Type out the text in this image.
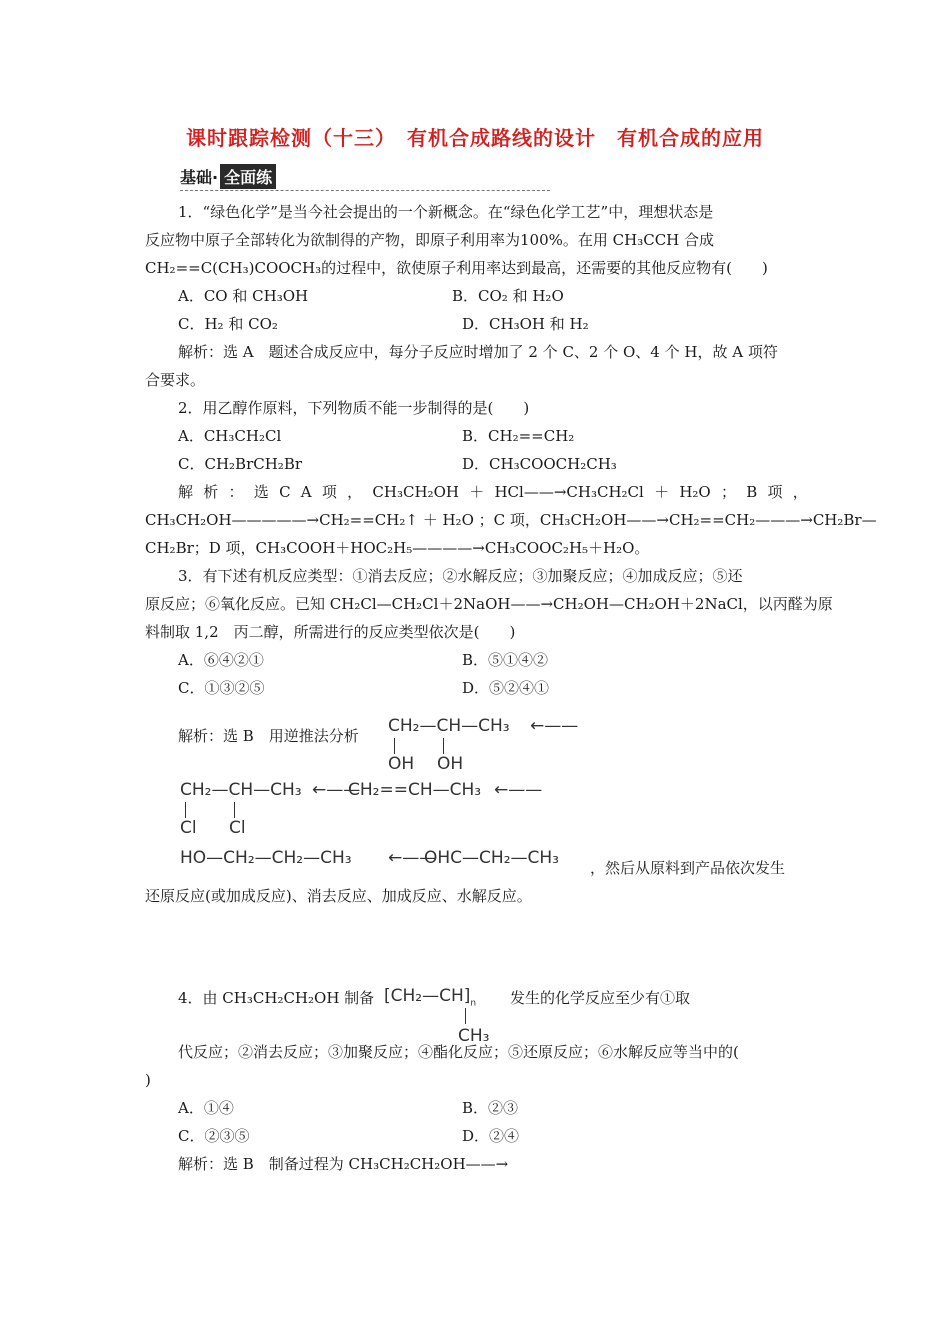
课时跟踪检测（十三）　有机合成路线的设计　有机合成的应用
基础· 全面练
1．“绿色化学”是当今社会提出的一个新概念。在“绿色化学工艺”中，理想状态是
反应物中原子全部转化为欲制得的产物，即原子利用率为100%。在用 CH₃CCH 合成
CH₂==C(CH₃)COOCH₃的过程中，欲使原子利用率达到最高，还需要的其他反应物有(　　)
A．CO 和 CH₃OH	B．CO₂ 和 H₂O
C．H₂ 和 CO₂	D．CH₃OH 和 H₂
解析：选 A　题述合成反应中，每分子反应时增加了 2 个 C、2 个 O、4 个 H，故 A 项符
合要求。
2．用乙醇作原料，下列物质不能一步制得的是(　　)
A．CH₃CH₂Cl	B．CH₂==CH₂
C．CH₂BrCH₂Br	D．CH₃COOCH₂CH₃
解 析 ： 选 C A 项 ， CH₃CH₂OH ＋ HCl——→CH₃CH₂Cl ＋ H₂O ； B 项 ，
CH₃CH₂OH—————→CH₂==CH₂↑ ＋ H₂O ；C 项，CH₃CH₂OH——→CH₂==CH₂———→CH₂Br—
CH₂Br；D 项，CH₃COOH＋HOC₂H₅————→CH₃COOC₂H₅＋H₂O。
3．有下述有机反应类型：①消去反应；②水解反应；③加聚反应；④加成反应；⑤还
原反应；⑥氧化反应。已知 CH₂Cl—CH₂Cl＋2NaOH——→CH₂OH—CH₂OH＋2NaCl，以丙醛为原
料制取 1,2　丙二醇，所需进行的反应类型依次是(　　)
A．⑥④②①	B．⑤①④②
C．①③②⑤	D．⑤②④①
解析：选 B　用逆推法分析 CH₂—CH—CH₃ ←——
OH OH
CH₂—CH—CH₃
Cl Cl
←——
CH₂==CH—CH₃ ←——
HO—CH₂—CH₂—CH₃ ←——
OHC—CH₂—CH₃ ，然后从原料到产品依次发生
还原反应(或加成反应)、消去反应、加成反应、水解反应。
4．由 CH₃CH₂CH₂OH 制备 $[CH_2—CH]_n$
CH₃
发生的化学反应至少有①取
代反应；②消去反应；③加聚反应；④酯化反应；⑤还原反应；⑥水解反应等当中的(
)
A．①④	B．②③
C．②③⑤	D．②④
解析：选 B　制备过程为 CH₃CH₂CH₂OH——→
